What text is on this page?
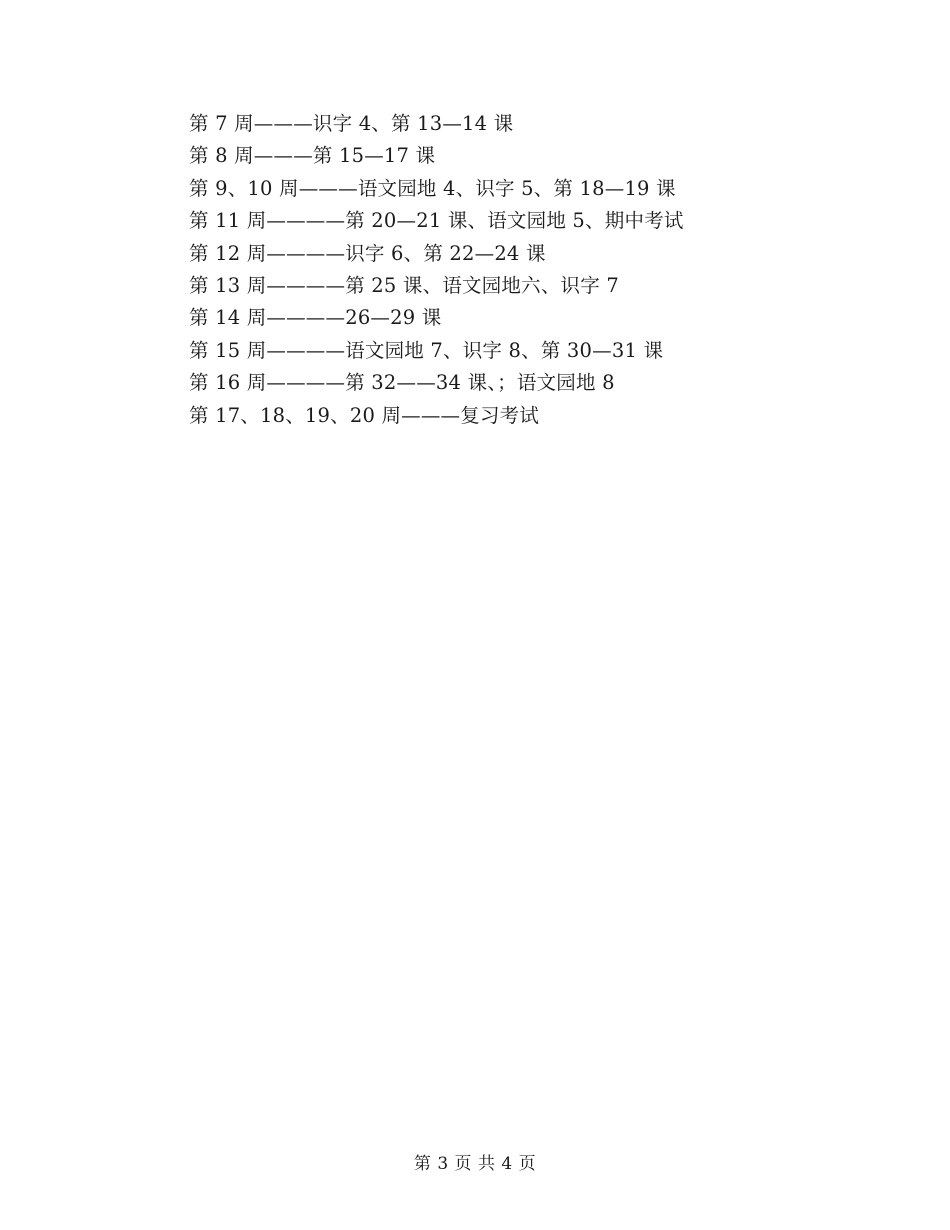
第 7 周———识字 4、第 13—14 课
第 8 周———第 15—17 课
第 9、10 周———语文园地 4、识字 5、第 18—19 课
第 11 周————第 20—21 课、语文园地 5、期中考试
第 12 周————识字 6、第 22—24 课
第 13 周————第 25 课、语文园地六、识字 7
第 14 周————26—29 课
第 15 周————语文园地 7、识字 8、第 30—31 课
第 16 周————第 32——34 课、；语文园地 8
第 17、18、19、20 周———复习考试
第 3 页 共 4 页
